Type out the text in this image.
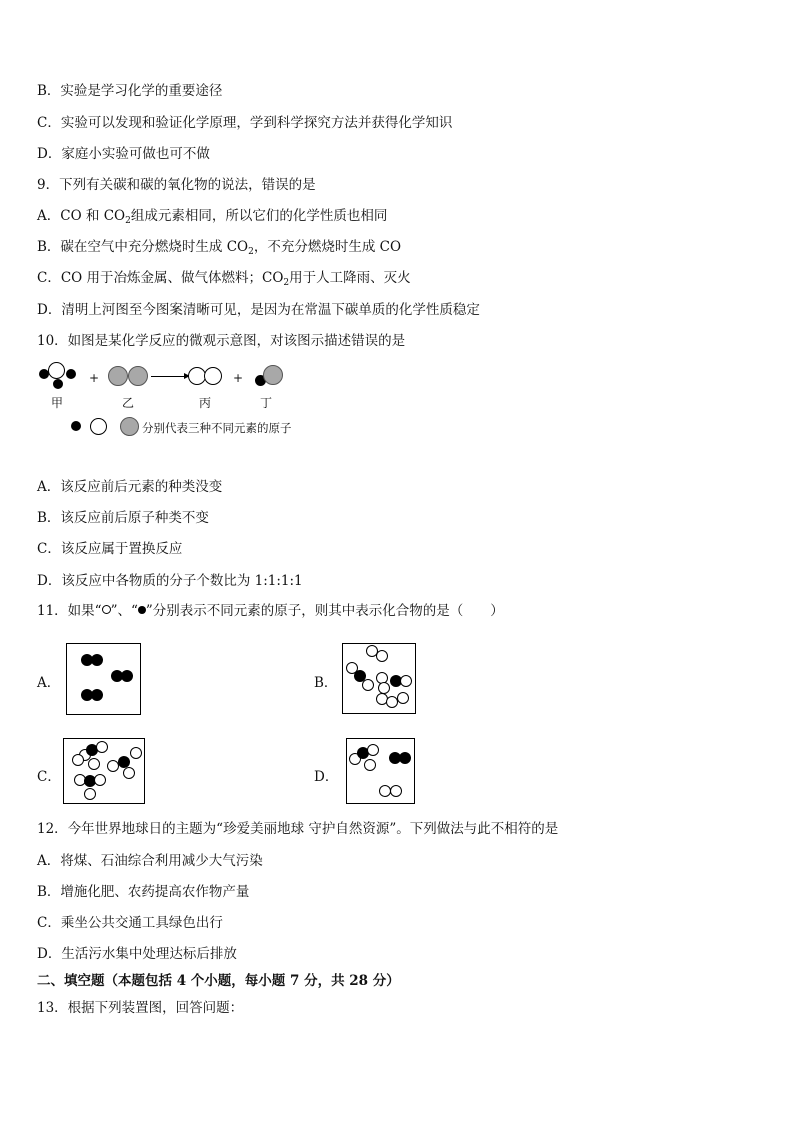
B．实验是学习化学的重要途径
C．实验可以发现和验证化学原理，学到科学探究方法并获得化学知识
D．家庭小实验可做也可不做
9．下列有关碳和碳的氧化物的说法，错误的是
A．CO 和 $CO_2$组成元素相同，所以它们的化学性质也相同
B．碳在空气中充分燃烧时生成 $CO_2$，不充分燃烧时生成 CO
C．CO 用于冶炼金属、做气体燃料；$CO_2$用于人工降雨、灭火
D．清明上河图至今图案清晰可见，是因为在常温下碳单质的化学性质稳定
10．如图是某化学反应的微观示意图，对该图示描述错误的是
+	+
甲	乙	丙	丁
分别代表三种不同元素的原子
A．该反应前后元素的种类没变
B．该反应前后原子种类不变
C．该反应属于置换反应
D．该反应中各物质的分子个数比为 1:1:1:1
11．如果“ ”、“ ”分别表示不同元素的原子，则其中表示化合物的是（　　）
A．	B．
C．	D．
12．今年世界地球日的主题为“珍爱美丽地球 守护自然资源”。下列做法与此不相符的是
A．将煤、石油综合利用减少大气污染
B．增施化肥、农药提高农作物产量
C．乘坐公共交通工具绿色出行
D．生活污水集中处理达标后排放
二、填空题（本题包括 4 个小题，每小题 7 分，共 28 分）
13．根据下列装置图，回答问题：
